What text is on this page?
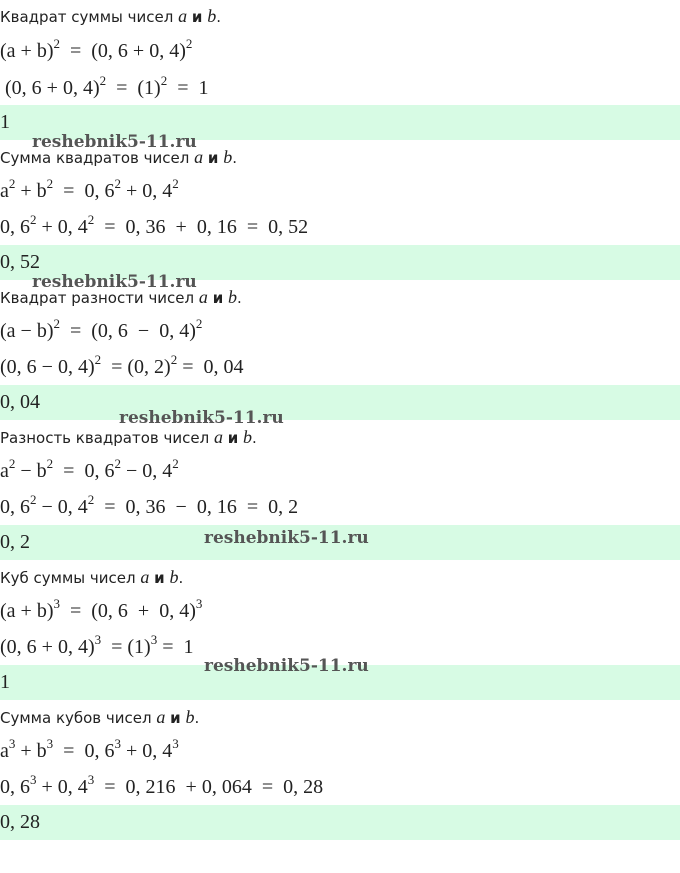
Квадрат суммы чисел a и b.
$(a + b)^2 = (0$, 6 + 0, 4)$^2$
(0, 6 + 0, $4)^2 = (1)^2 = 1$
1
Сумма квадратов чисел a и b.
$a^2 + b^2 = 0$, $6^2 + 0$, $4^2$
0, $6^2 + 0$, $4^2 = 0$, 36  +  0, 16  =  0, 52
0, 52
Квадрат разности чисел a и b.
$(a - b)^2 = (0$, 6  −  0, 4)$^2$
(0, 6 − 0, 4)$^2$  = (0, 2)$^2$ =  0, 04
0, 04
Разность квадратов чисел a и b.
$a^2 - b^2 = 0$, $6^2 - 0$, $4^2$
0, $6^2 - 0$, $4^2 = 0$, 36  −  0, 16  =  0, 2
0, 2
Куб суммы чисел a и b.
$(a + b)^3 = (0$, 6  +  0, 4)$^3$
(0, 6 + 0, $4)^3 = (1)^3 = 1$
1
Сумма кубов чисел a и b.
$a^3 + b^3 = 0$, $6^3 + 0$, $4^3$
0, $6^3 + 0$, $4^3 = 0$, 216  + 0, 064  =  0, 28
0, 28
reshebnik5-11.ru
reshebnik5-11.ru
reshebnik5-11.ru
reshebnik5-11.ru
reshebnik5-11.ru
